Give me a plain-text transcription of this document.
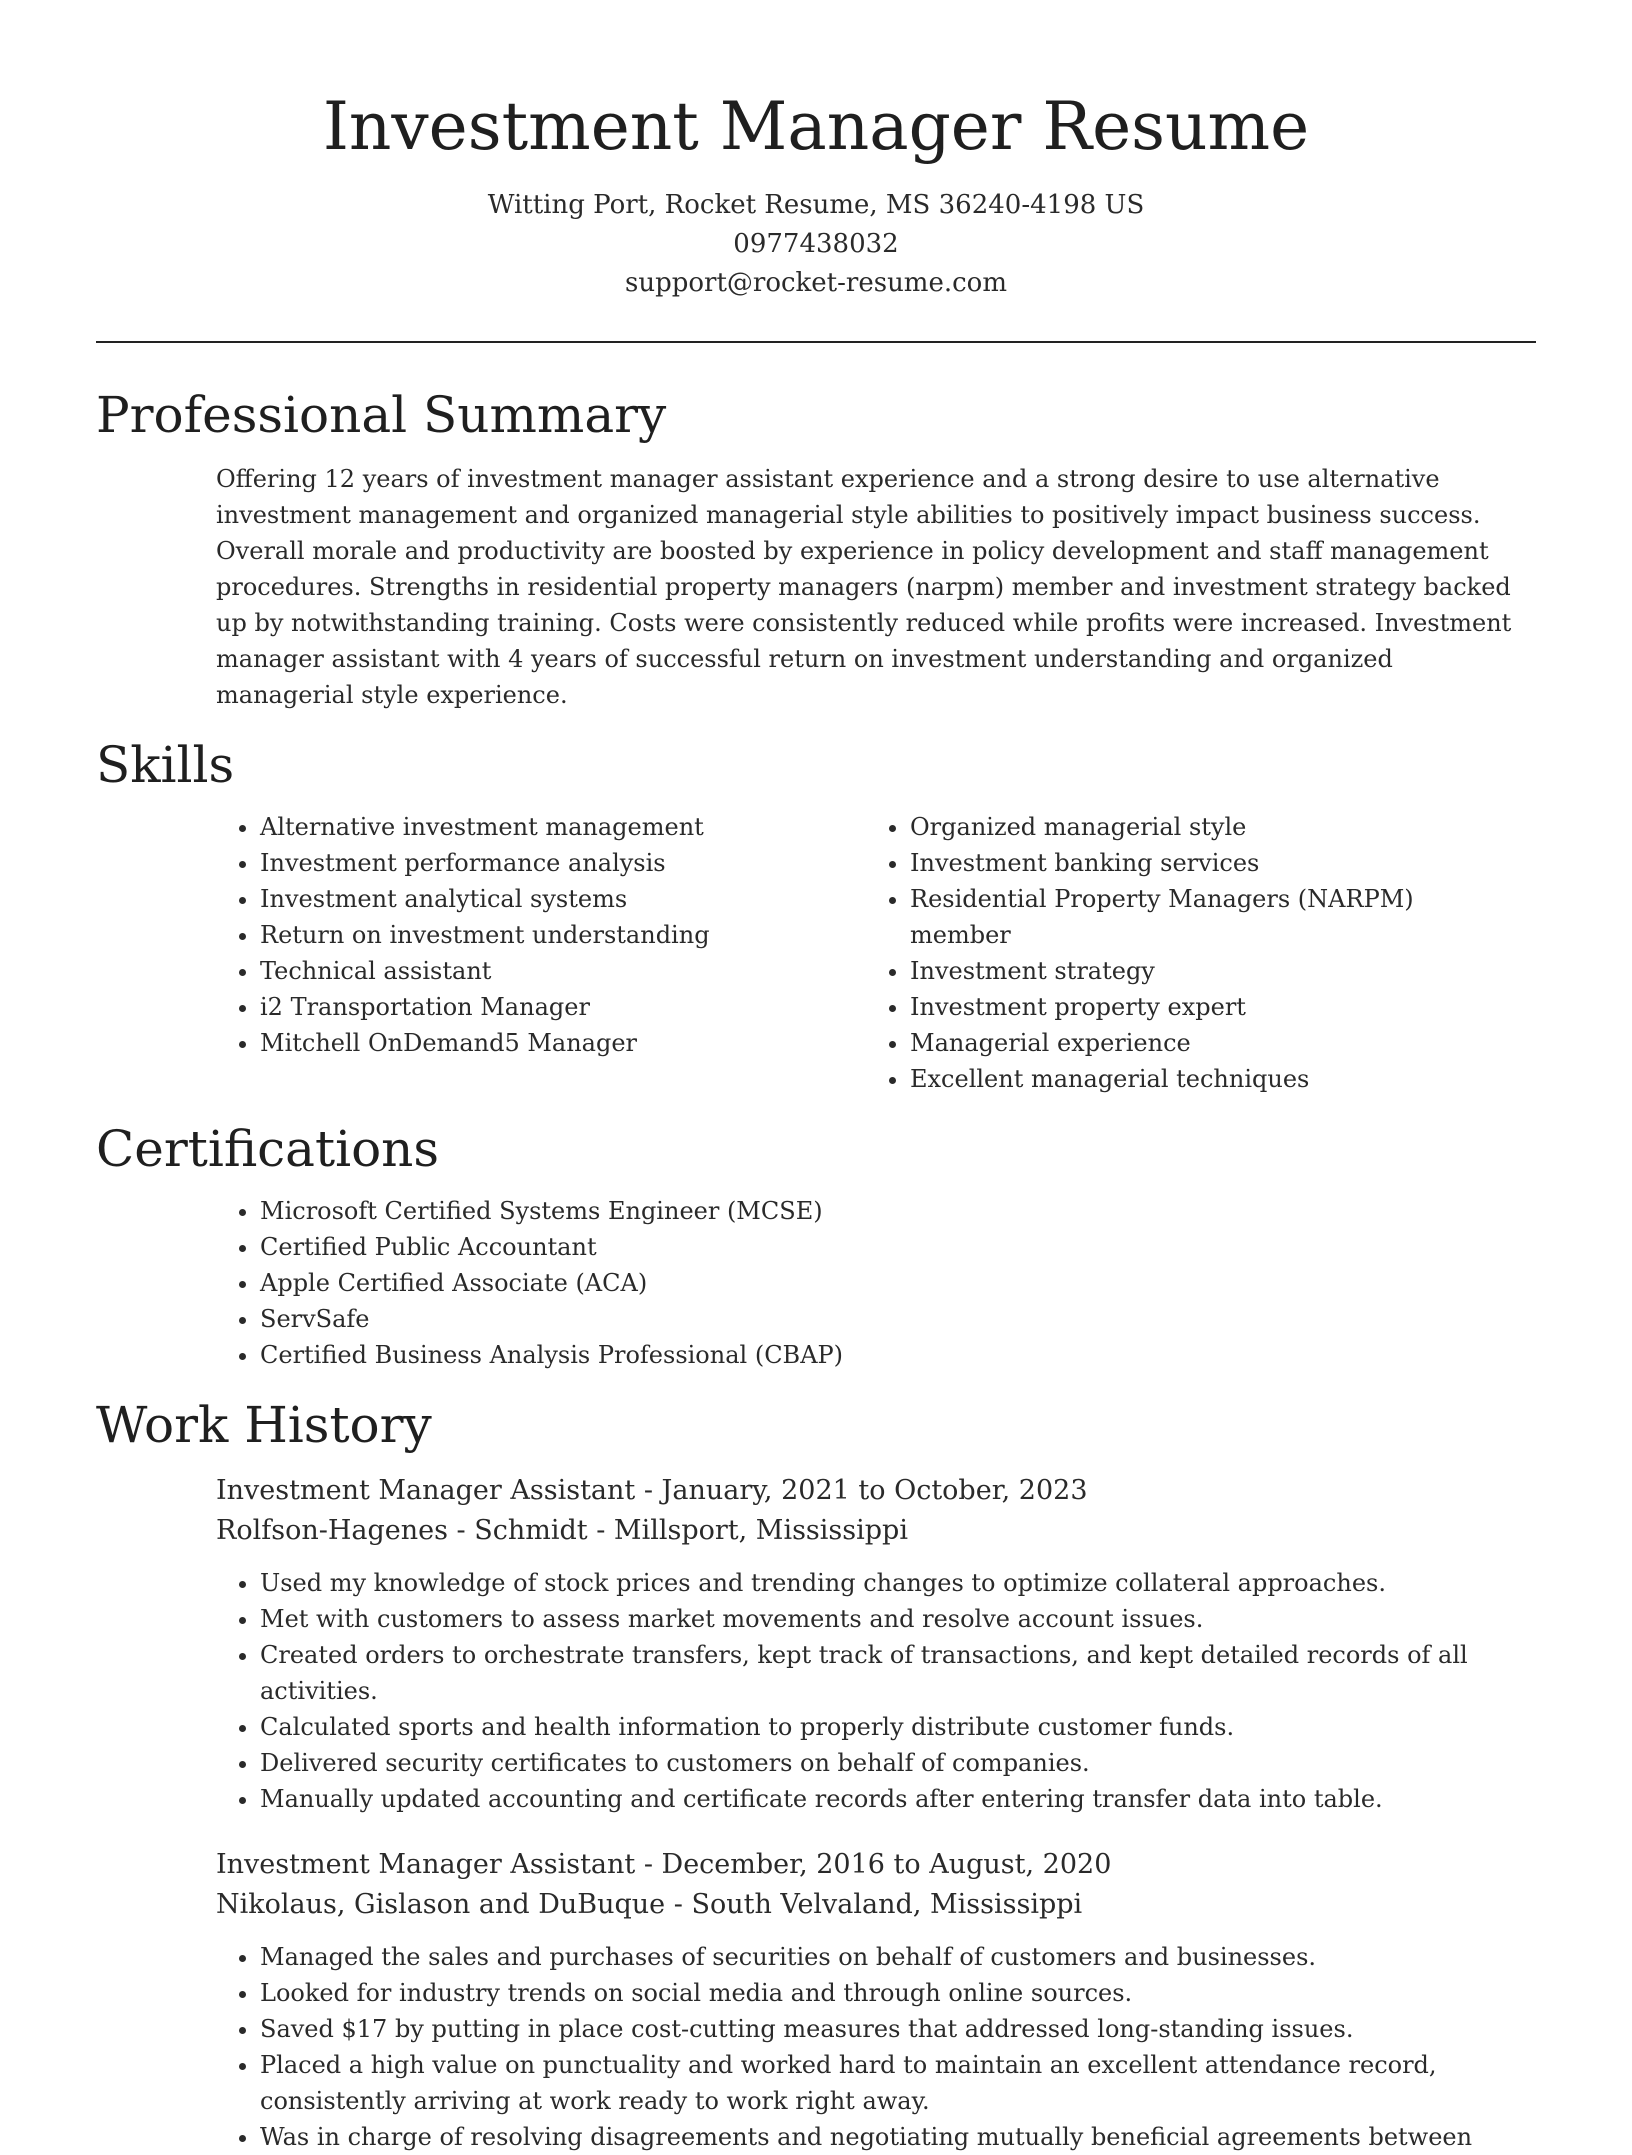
Investment Manager Resume
Witting Port, Rocket Resume, MS 36240-4198 US
0977438032
support@rocket-resume.com
Professional Summary
Offering 12 years of investment manager assistant experience and a strong desire to use alternative investment management and organized managerial style abilities to positively impact business success. Overall morale and productivity are boosted by experience in policy development and staff management procedures. Strengths in residential property managers (narpm) member and investment strategy backed up by notwithstanding training. Costs were consistently reduced while profits were increased. Investment manager assistant with 4 years of successful return on investment understanding and organized managerial style experience.
Skills
• Alternative investment management
• Investment performance analysis
• Investment analytical systems
• Return on investment understanding
• Technical assistant
• i2 Transportation Manager
• Mitchell OnDemand5 Manager
• Organized managerial style
• Investment banking services
• Residential Property Managers (NARPM) member
• Investment strategy
• Investment property expert
• Managerial experience
• Excellent managerial techniques
Certifications
• Microsoft Certified Systems Engineer (MCSE)
• Certified Public Accountant
• Apple Certified Associate (ACA)
• ServSafe
• Certified Business Analysis Professional (CBAP)
Work History
Investment Manager Assistant - January, 2021 to October, 2023
Rolfson-Hagenes - Schmidt - Millsport, Mississippi
• Used my knowledge of stock prices and trending changes to optimize collateral approaches.
• Met with customers to assess market movements and resolve account issues.
• Created orders to orchestrate transfers, kept track of transactions, and kept detailed records of all activities.
• Calculated sports and health information to properly distribute customer funds.
• Delivered security certificates to customers on behalf of companies.
• Manually updated accounting and certificate records after entering transfer data into table.
Investment Manager Assistant - December, 2016 to August, 2020
Nikolaus, Gislason and DuBuque - South Velvaland, Mississippi
• Managed the sales and purchases of securities on behalf of customers and businesses.
• Looked for industry trends on social media and through online sources.
• Saved $17 by putting in place cost-cutting measures that addressed long-standing issues.
• Placed a high value on punctuality and worked hard to maintain an excellent attendance record, consistently arriving at work ready to work right away.
• Was in charge of resolving disagreements and negotiating mutually beneficial agreements between
